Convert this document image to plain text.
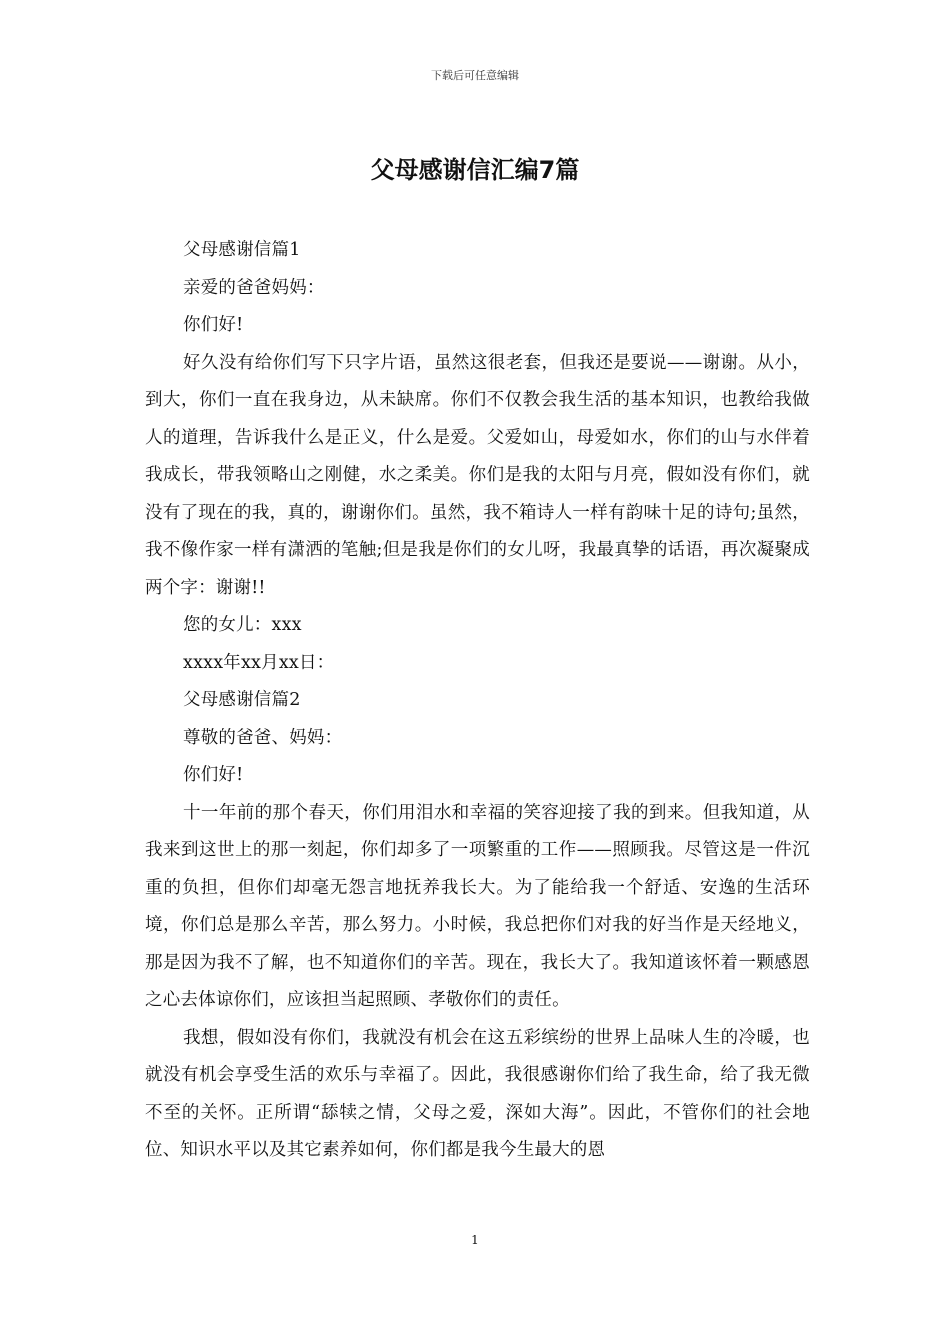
下载后可任意编辑
父母感谢信汇编7篇

父母感谢信篇1

亲爱的爸爸妈妈：

你们好!

好久没有给你们写下只字片语，虽然这很老套，但我还是要说——谢谢。从小，到大，你们一直在我身边，从未缺席。你们不仅教会我生活的基本知识，也教给我做人的道理，告诉我什么是正义，什么是爱。父爱如山，母爱如水，你们的山与水伴着我成长，带我领略山之刚健，水之柔美。你们是我的太阳与月亮，假如没有你们，就没有了现在的我，真的，谢谢你们。虽然，我不箱诗人一样有韵味十足的诗句;虽然，我不像作家一样有潇洒的笔触;但是我是你们的女儿呀，我最真挚的话语，再次凝聚成两个字：谢谢!!

您的女儿：xxx

xxxx年xx月xx日：

父母感谢信篇2

尊敬的爸爸、妈妈：

你们好!

十一年前的那个春天，你们用泪水和幸福的笑容迎接了我的到来。但我知道，从我来到这世上的那一刻起，你们却多了一项繁重的工作——照顾我。尽管这是一件沉重的负担，但你们却毫无怨言地抚养我长大。为了能给我一个舒适、安逸的生活环境，你们总是那么辛苦，那么努力。小时候，我总把你们对我的好当作是天经地义，那是因为我不了解，也不知道你们的辛苦。现在，我长大了。我知道该怀着一颗感恩之心去体谅你们，应该担当起照顾、孝敬你们的责任。

我想，假如没有你们，我就没有机会在这五彩缤纷的世界上品味人生的冷暖，也就没有机会享受生活的欢乐与幸福了。因此，我很感谢你们给了我生命，给了我无微不至的关怀。正所谓“舔犊之情，父母之爱，深如大海”。因此，不管你们的社会地位、知识水平以及其它素养如何，你们都是我今生最大的恩

1
